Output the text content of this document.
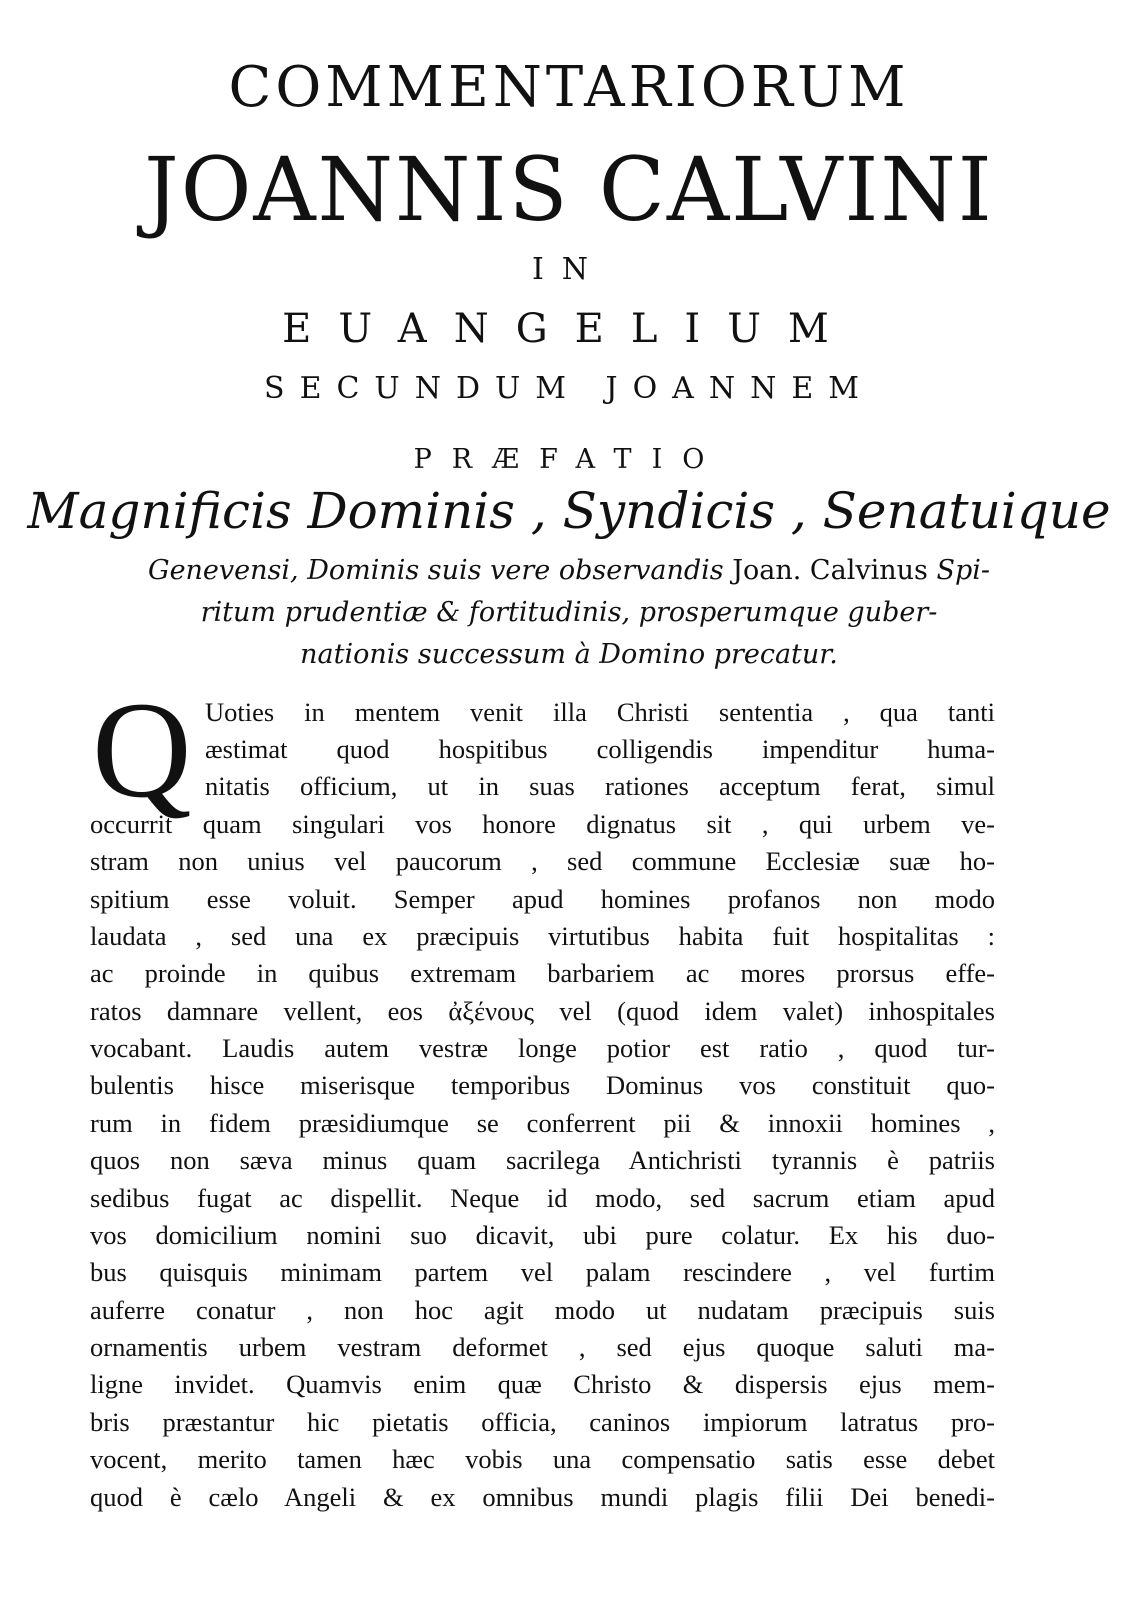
COMMENTARIORUM
JOANNIS CALVINI
IN
EUANGELIUM
SECUNDUM JOANNEM
PRÆFATIO
Magnificis Dominis , Syndicis , Senatuique
Genevensi, Dominis suis vere observandis Joan. Calvinus Spi-
ritum prudentiæ & fortitudinis, prosperumque guber-
nationis successum à Domino precatur.
Q Uoties in mentem venit illa Christi sententia , qua tanti
æstimat quod hospitibus colligendis impenditur huma-
nitatis officium, ut in suas rationes acceptum ferat, simul
occurrit quam singulari vos honore dignatus sit , qui urbem ve-
stram non unius vel paucorum , sed commune Ecclesiæ suæ ho-
spitium esse voluit. Semper apud homines profanos non modo
laudata , sed una ex præcipuis virtutibus habita fuit hospitalitas :
ac proinde in quibus extremam barbariem ac mores prorsus effe-
ratos damnare vellent, eos ἀξένους vel (quod idem valet) inhospitales
vocabant. Laudis autem vestræ longe potior est ratio , quod tur-
bulentis hisce miserisque temporibus Dominus vos constituit quo-
rum in fidem præsidiumque se conferrent pii & innoxii homines ,
quos non sæva minus quam sacrilega Antichristi tyrannis è patriis
sedibus fugat ac dispellit. Neque id modo, sed sacrum etiam apud
vos domicilium nomini suo dicavit, ubi pure colatur. Ex his duo-
bus quisquis minimam partem vel palam rescindere , vel furtim
auferre conatur , non hoc agit modo ut nudatam præcipuis suis
ornamentis urbem vestram deformet , sed ejus quoque saluti ma-
ligne invidet. Quamvis enim quæ Christo & dispersis ejus mem-
bris præstantur hic pietatis officia, caninos impiorum latratus pro-
vocent, merito tamen hæc vobis una compensatio satis esse debet
quod è cælo Angeli & ex omnibus mundi plagis filii Dei benedi-
